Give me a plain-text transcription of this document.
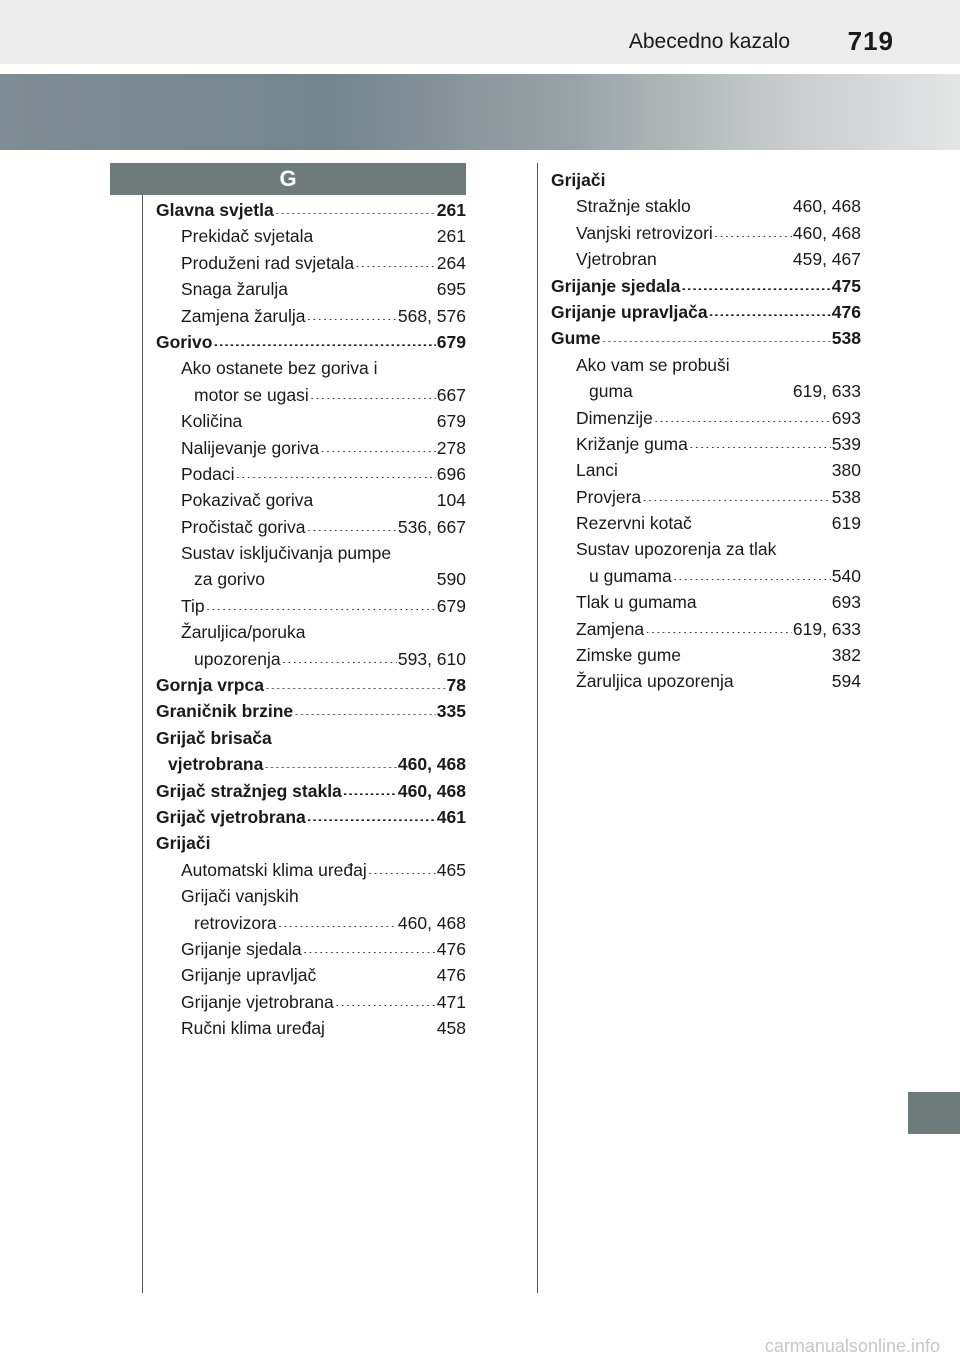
Abecedno kazalo 719
G
Glavna svjetla .....	261
Prekidač svjetala .....	261
Produženi rad svjetala .....	264
Snaga žarulja .....	695
Zamjena žarulja .....	568, 576
Gorivo .....	679
Ako ostanete bez goriva i
motor se ugasi .....	667
Količina .....	679
Nalijevanje goriva .....	278
Podaci .....	696
Pokazivač goriva .....	104
Pročistač goriva .....	536, 667
Sustav isključivanja pumpe
za gorivo .....	590
Tip .....	679
Žaruljica/poruka
upozorenja .....	593, 610
Gornja vrpca .....	78
Graničnik brzine .....	335
Grijač brisača
vjetrobrana .....	460, 468
Grijač stražnjeg stakla .....	460, 468
Grijač vjetrobrana .....	461
Grijači
Automatski klima uređaj .....	465
Grijači vanjskih
retrovizora .....	460, 468
Grijanje sjedala .....	476
Grijanje upravljač .....	476
Grijanje vjetrobrana .....	471
Ručni klima uređaj .....	458
Grijači
Stražnje staklo .....	460, 468
Vanjski retrovizori .....	460, 468
Vjetrobran .....	459, 467
Grijanje sjedala .....	475
Grijanje upravljača .....	476
Gume .....	538
Ako vam se probuši
guma .....	619, 633
Dimenzije .....	693
Križanje guma .....	539
Lanci .....	380
Provjera .....	538
Rezervni kotač .....	619
Sustav upozorenja za tlak
u gumama .....	540
Tlak u gumama .....	693
Zamjena .....	619, 633
Zimske gume .....	382
Žaruljica upozorenja .....	594
carmanualsonline.info
